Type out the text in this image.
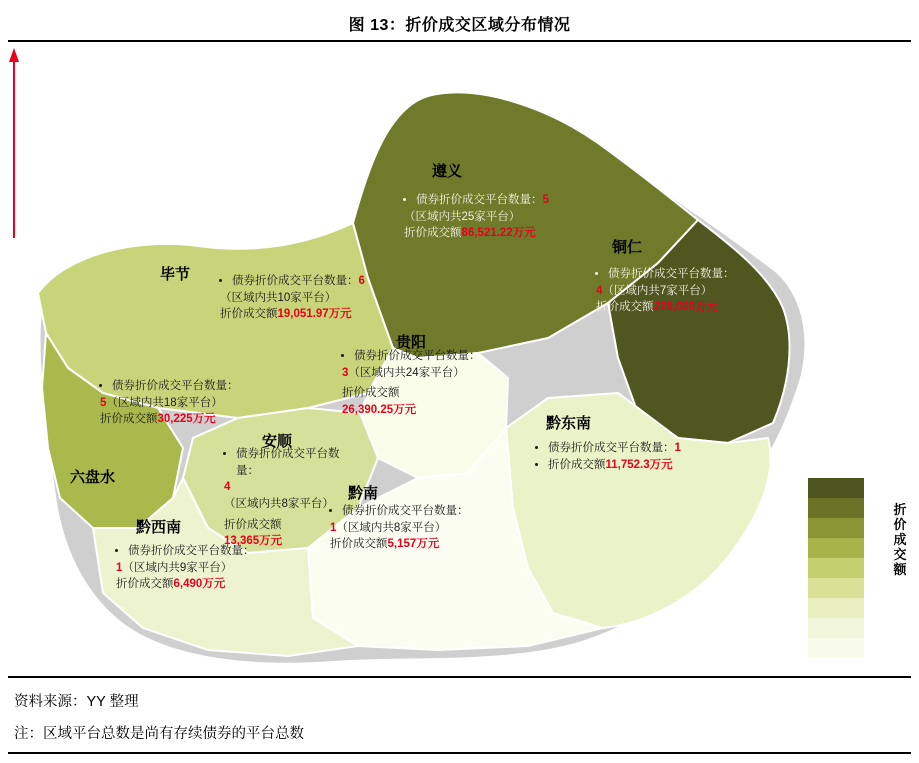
图 13：折价成交区域分布情况
毕节	• 债券折价成交平台数量：6
（区域内共10家平台）
折价成交额19,051.97万元
遵义
• 债券折价成交平台数量：5
（区域内共25家平台）
折价成交额86,521.22万元
铜仁
• 债券折价成交平台数量：
4（区域内共7家平台）
折价成交额228,000万元
贵阳
• 债券折价成交平台数量：
3（区域内共24家平台）
折价成交额
26,390.25万元
六盘水
• 债券折价成交平台数量：
5（区域内共18家平台）
折价成交额30,225万元
安顺
• 债券折价成交平台数量：
4（区域内共8家平台）
折价成交额
13,365万元
黔西南
• 债券折价成交平台数量：
1（区域内共9家平台）
折价成交额6,490万元
黔南
• 债券折价成交平台数量：
1（区域内共8家平台）
折价成交额5,157万元
黔东南
• 债券折价成交平台数量：1
• 折价成交额11,752.3万元
折价成交额
资料来源：YY 整理
注：区域平台总数是尚有存续债券的平台总数
